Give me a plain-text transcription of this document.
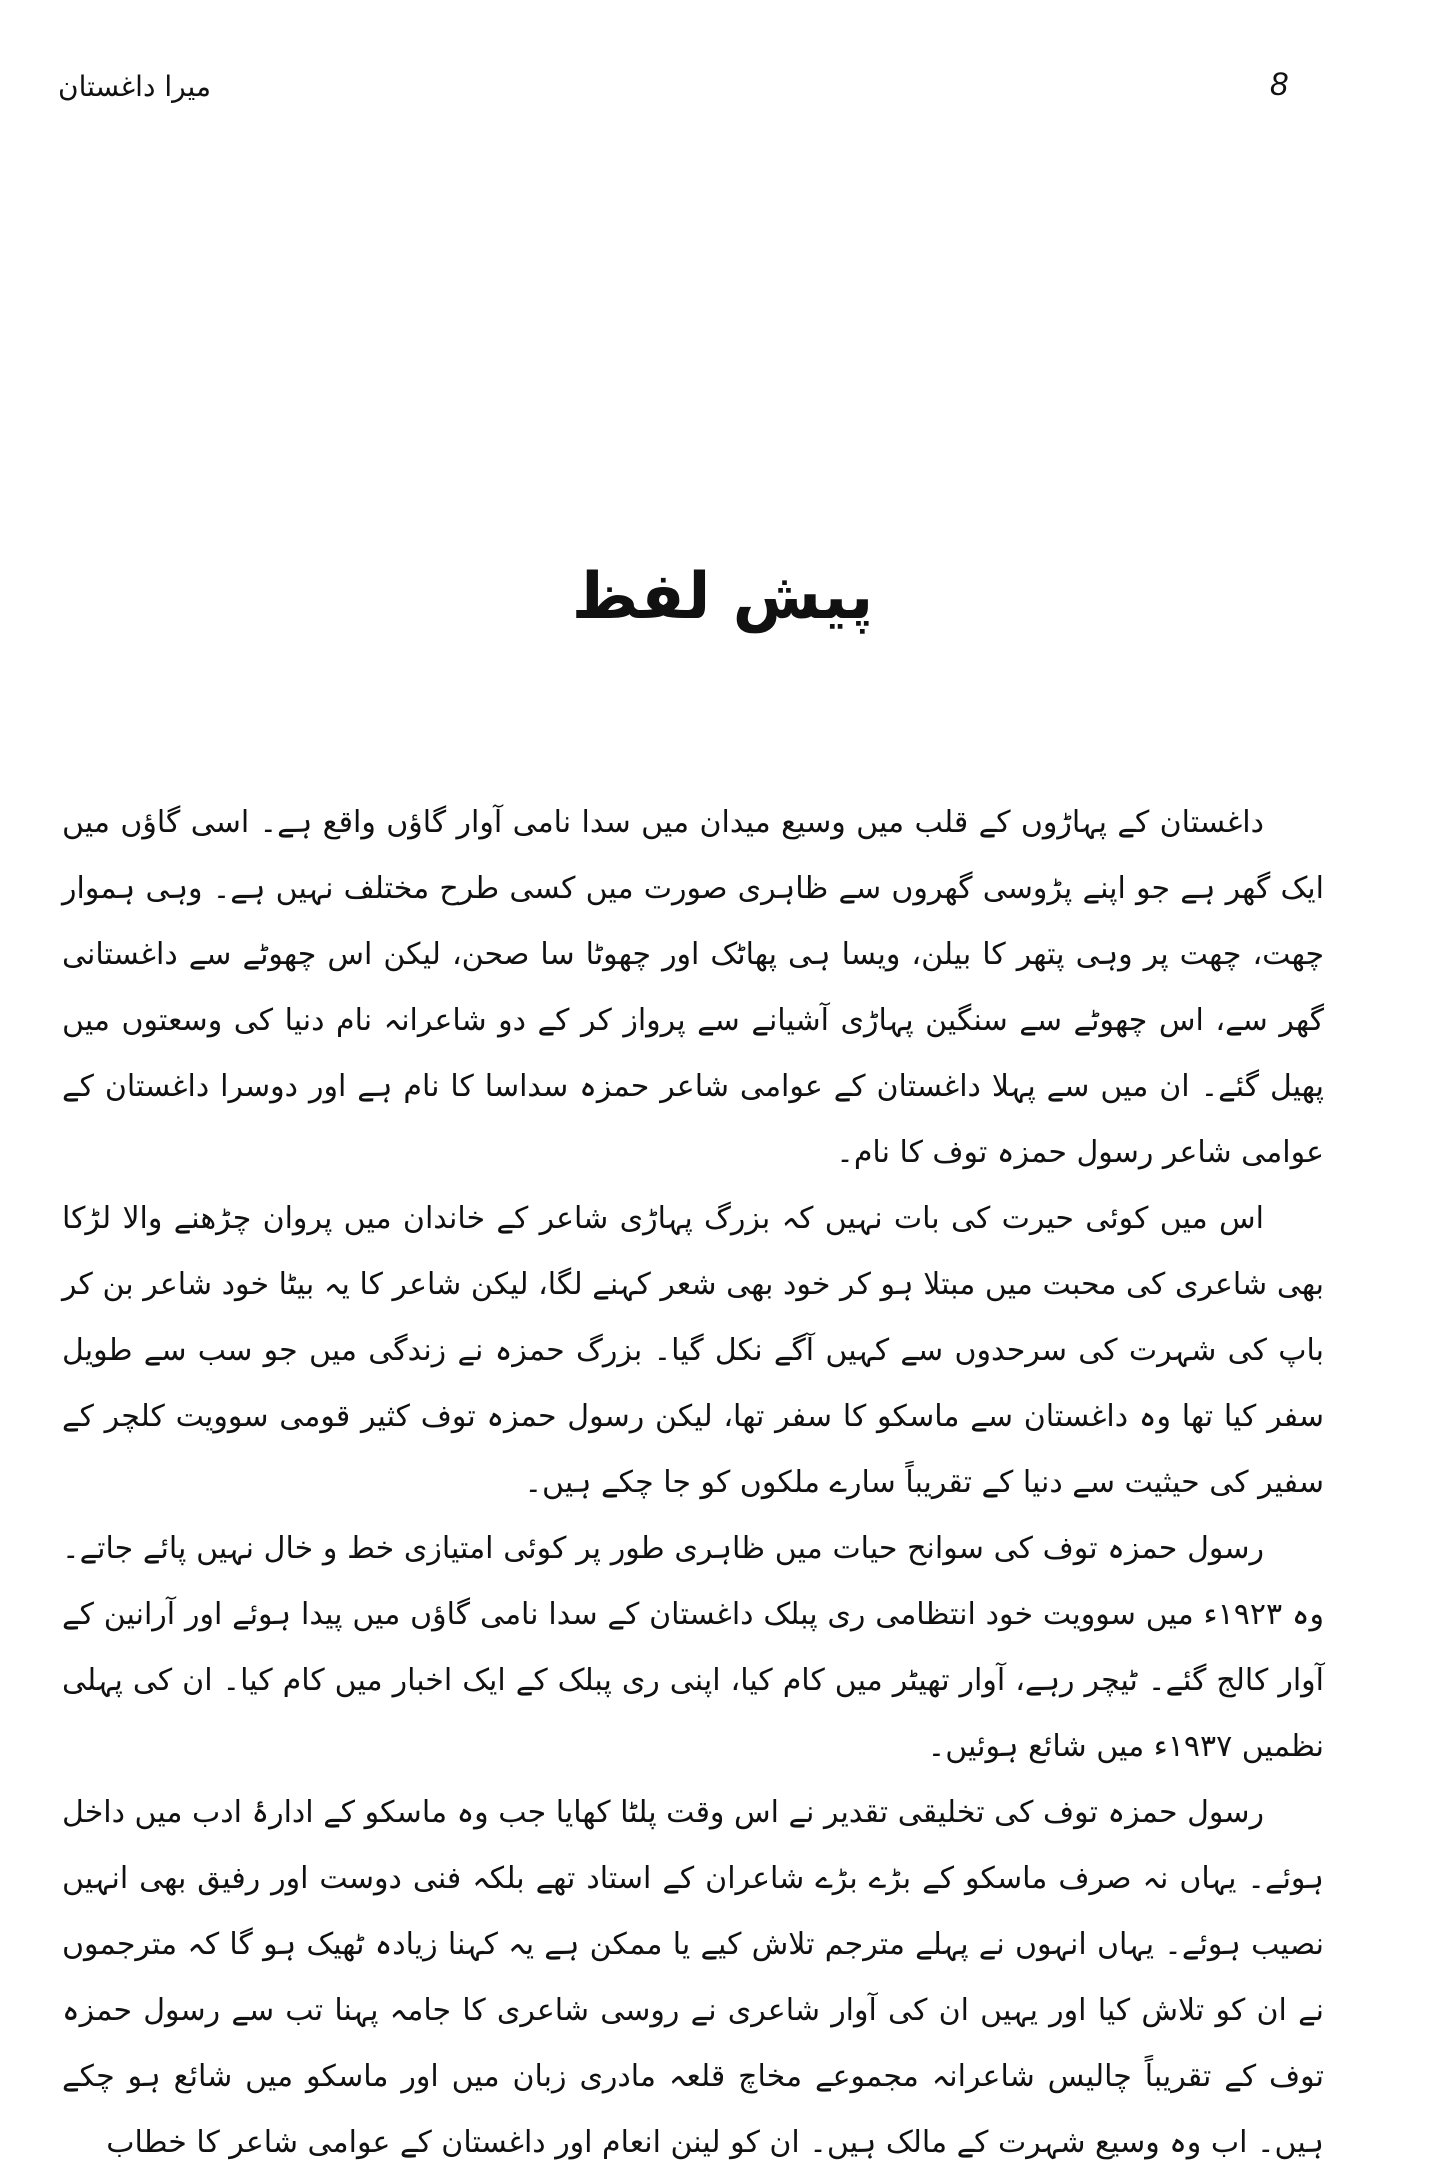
8
میرا داغستان
پیش لفظ

داغستان کے پہاڑوں کے قلب میں وسیع میدان میں سدا نامی آوار گاؤں واقع ہے۔ اسی گاؤں میں ایک گھر ہے جو اپنے پڑوسی گھروں سے ظاہری صورت میں کسی طرح مختلف نہیں ہے۔ وہی ہموار چھت، چھت پر وہی پتھر کا بیلن، ویسا ہی پھاٹک اور چھوٹا سا صحن، لیکن اس چھوٹے سے داغستانی گھر سے، اس چھوٹے سے سنگین پہاڑی آشیانے سے پرواز کر کے دو شاعرانہ نام دنیا کی وسعتوں میں پھیل گئے۔ ان میں سے پہلا داغستان کے عوامی شاعر حمزہ سداسا کا نام ہے اور دوسرا داغستان کے عوامی شاعر رسول حمزہ توف کا نام۔

اس میں کوئی حیرت کی بات نہیں کہ بزرگ پہاڑی شاعر کے خاندان میں پروان چڑھنے والا لڑکا بھی شاعری کی محبت میں مبتلا ہو کر خود بھی شعر کہنے لگا، لیکن شاعر کا یہ بیٹا خود شاعر بن کر باپ کی شہرت کی سرحدوں سے کہیں آگے نکل گیا۔ بزرگ حمزہ نے زندگی میں جو سب سے طویل سفر کیا تھا وہ داغستان سے ماسکو کا سفر تھا، لیکن رسول حمزہ توف کثیر قومی سوویت کلچر کے سفیر کی حیثیت سے دنیا کے تقریباً سارے ملکوں کو جا چکے ہیں۔

رسول حمزہ توف کی سوانح حیات میں ظاہری طور پر کوئی امتیازی خط و خال نہیں پائے جاتے۔ وہ ۱۹۲۳ء میں سوویت خود انتظامی ری پبلک داغستان کے سدا نامی گاؤں میں پیدا ہوئے اور آرانین کے آوار کالج گئے۔ ٹیچر رہے، آوار تھیٹر میں کام کیا، اپنی ری پبلک کے ایک اخبار میں کام کیا۔ ان کی پہلی نظمیں ۱۹۳۷ء میں شائع ہوئیں۔

رسول حمزہ توف کی تخلیقی تقدیر نے اس وقت پلٹا کھایا جب وہ ماسکو کے ادارۂ ادب میں داخل ہوئے۔ یہاں نہ صرف ماسکو کے بڑے بڑے شاعران کے استاد تھے بلکہ فنی دوست اور رفیق بھی انہیں نصیب ہوئے۔ یہاں انہوں نے پہلے مترجم تلاش کیے یا ممکن ہے یہ کہنا زیادہ ٹھیک ہو گا کہ مترجموں نے ان کو تلاش کیا اور یہیں ان کی آوار شاعری نے روسی شاعری کا جامہ پہنا تب سے رسول حمزہ توف کے تقریباً چالیس شاعرانہ مجموعے مخاچ قلعہ مادری زبان میں اور ماسکو میں شائع ہو چکے ہیں۔ اب وہ وسیع شہرت کے مالک ہیں۔ ان کو لینن انعام اور داغستان کے عوامی شاعر کا خطاب
